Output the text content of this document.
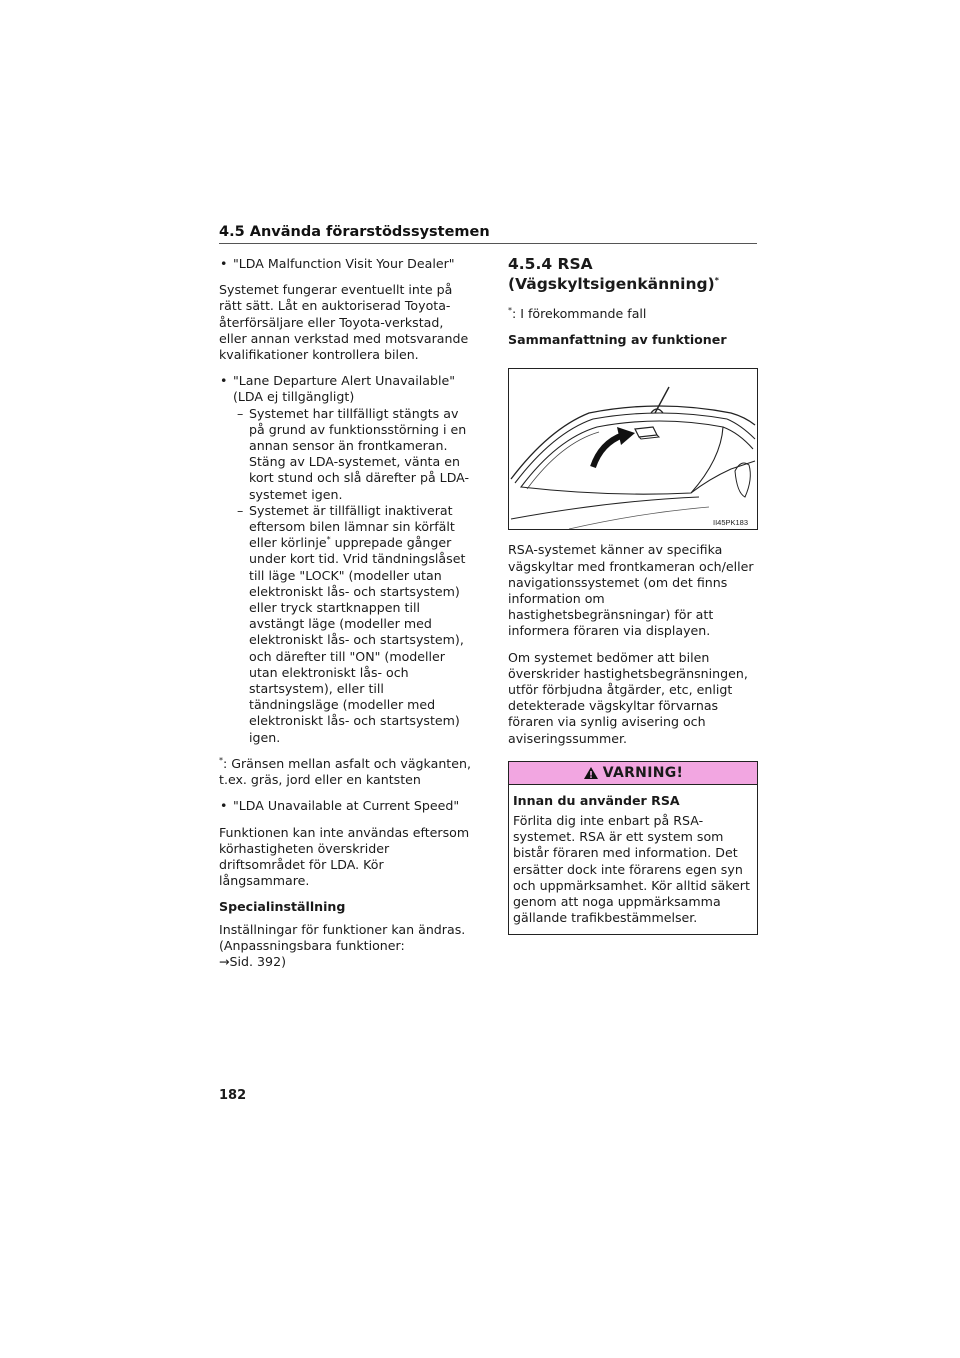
4.5 Använda förarstödssystemen
• "LDA Malfunction Visit Your Dealer"

Systemet fungerar eventuellt inte på rätt sätt. Låt en auktoriserad Toyota-återförsäljare eller Toyota-verkstad, eller annan verkstad med motsvarande kvalifikationer kontrollera bilen.

• "Lane Departure Alert Unavailable"
(LDA ej tillgängligt)
– Systemet har tillfälligt stängts av på grund av funktionsstörning i en annan sensor än frontkameran. Stäng av LDA-systemet, vänta en kort stund och slå därefter på LDA-systemet igen.
– Systemet är tillfälligt inaktiverat eftersom bilen lämnar sin körfält eller körlinje* upprepade gånger under kort tid. Vrid tändningslåset till läge "LOCK" (modeller utan elektroniskt lås- och startsystem) eller tryck startknappen till avstängt läge (modeller med elektroniskt lås- och startsystem), och därefter till "ON" (modeller utan elektroniskt lås- och startsystem), eller till tändningsläge (modeller med elektroniskt lås- och startsystem) igen.

*: Gränsen mellan asfalt och vägkanten, t.ex. gräs, jord eller en kantsten

• "LDA Unavailable at Current Speed"

Funktionen kan inte användas eftersom körhastigheten överskrider driftsområdet för LDA. Kör långsammare.

Specialinställning

Inställningar för funktioner kan ändras. (Anpassningsbara funktioner:
→Sid. 392)

4.5.4 RSA
(Vägskyltsigenkänning)*

*: I förekommande fall

Sammanfattning av funktioner

II45PK183

RSA-systemet känner av specifika vägskyltar med frontkameran och/eller navigationssystemet (om det finns information om hastighetsbegränsningar) för att informera föraren via displayen.

Om systemet bedömer att bilen överskrider hastighetsbegränsningen, utför förbjudna åtgärder, etc, enligt detekterade vägskyltar förvarnas föraren via synlig avisering och aviseringssummer.

VARNING!

Innan du använder RSA

Förlita dig inte enbart på RSA-systemet. RSA är ett system som bistår föraren med information. Det ersätter dock inte förarens egen syn och uppmärksamhet. Kör alltid säkert genom att noga uppmärksamma gällande trafikbestämmelser.

182
